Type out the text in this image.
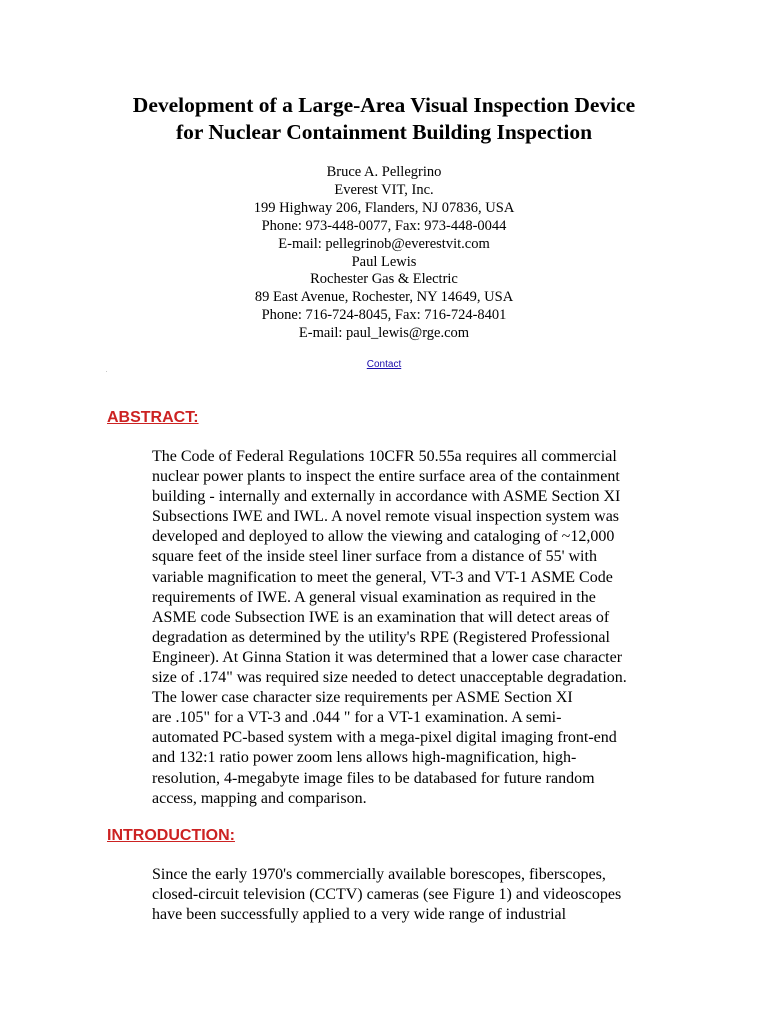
Development of a Large-Area Visual Inspection Device
for Nuclear Containment Building Inspection
Bruce A. Pellegrino
Everest VIT, Inc.
199 Highway 206, Flanders, NJ 07836, USA
Phone: 973-448-0077, Fax: 973-448-0044
E-mail: pellegrinob@everestvit.com
Paul Lewis
Rochester Gas & Electric
89 East Avenue, Rochester, NY 14649, USA
Phone: 716-724-8045, Fax: 716-724-8401
E-mail: paul_lewis@rge.com
Contact
ABSTRACT:
The Code of Federal Regulations 10CFR 50.55a requires all commercial
nuclear power plants to inspect the entire surface area of the containment
building - internally and externally in accordance with ASME Section XI
Subsections IWE and IWL. A novel remote visual inspection system was
developed and deployed to allow the viewing and cataloging of ~12,000
square feet of the inside steel liner surface from a distance of 55' with
variable magnification to meet the general, VT-3 and VT-1 ASME Code
requirements of IWE. A general visual examination as required in the
ASME code Subsection IWE is an examination that will detect areas of
degradation as determined by the utility's RPE (Registered Professional
Engineer). At Ginna Station it was determined that a lower case character
size of .174" was required size needed to detect unacceptable degradation.
The lower case character size requirements per ASME Section XI
are .105" for a VT-3 and .044 " for a VT-1 examination. A semi-
automated PC-based system with a mega-pixel digital imaging front-end
and 132:1 ratio power zoom lens allows high-magnification, high-
resolution, 4-megabyte image files to be databased for future random
access, mapping and comparison.
INTRODUCTION:
Since the early 1970's commercially available borescopes, fiberscopes,
closed-circuit television (CCTV) cameras (see Figure 1) and videoscopes
have been successfully applied to a very wide range of industrial
